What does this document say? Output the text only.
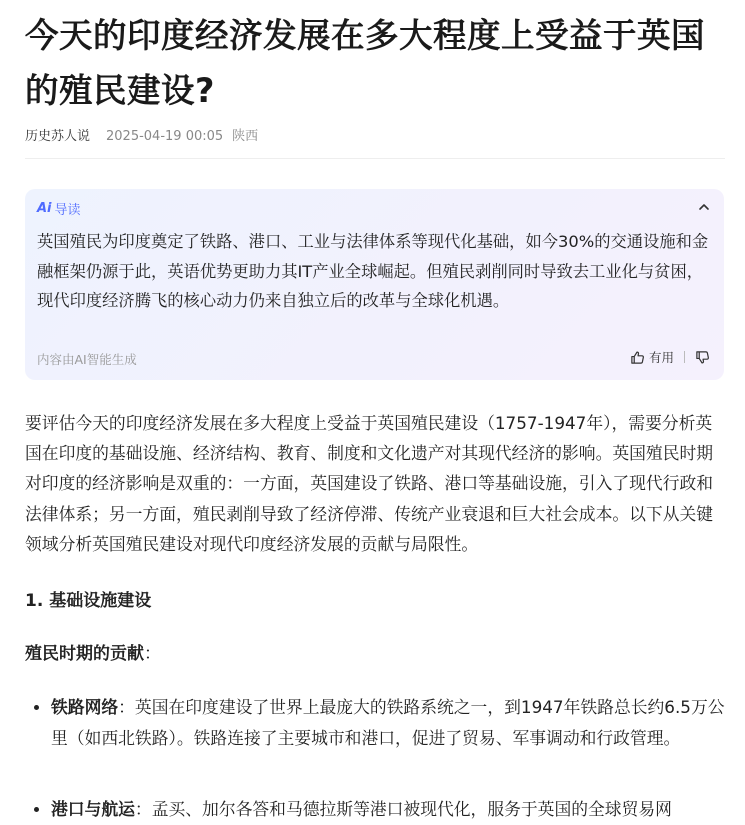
今天的印度经济发展在多大程度上受益于英国的殖民建设?
历史苏人说 2025-04-19 00:05 陕西
Ai 导读

英国殖民为印度奠定了铁路、港口、工业与法律体系等现代化基础，如今30%的交通设施和金融框架仍源于此，英语优势更助力其IT产业全球崛起。但殖民剥削同时导致去工业化与贫困，现代印度经济腾飞的核心动力仍来自独立后的改革与全球化机遇。

内容由AI智能生成	有用

要评估今天的印度经济发展在多大程度上受益于英国殖民建设（1757-1947年），需要分析英国在印度的基础设施、经济结构、教育、制度和文化遗产对其现代经济的影响。英国殖民时期对印度的经济影响是双重的：一方面，英国建设了铁路、港口等基础设施，引入了现代行政和法律体系；另一方面，殖民剥削导致了经济停滞、传统产业衰退和巨大社会成本。以下从关键领域分析英国殖民建设对现代印度经济发展的贡献与局限性。

1. 基础设施建设

殖民时期的贡献：

铁路网络：英国在印度建设了世界上最庞大的铁路系统之一，到1947年铁路总长约6.5万公里（如西北铁路）。铁路连接了主要城市和港口，促进了贸易、军事调动和行政管理。
港口与航运：孟买、加尔各答和马德拉斯等港口被现代化，服务于英国的全球贸易网
